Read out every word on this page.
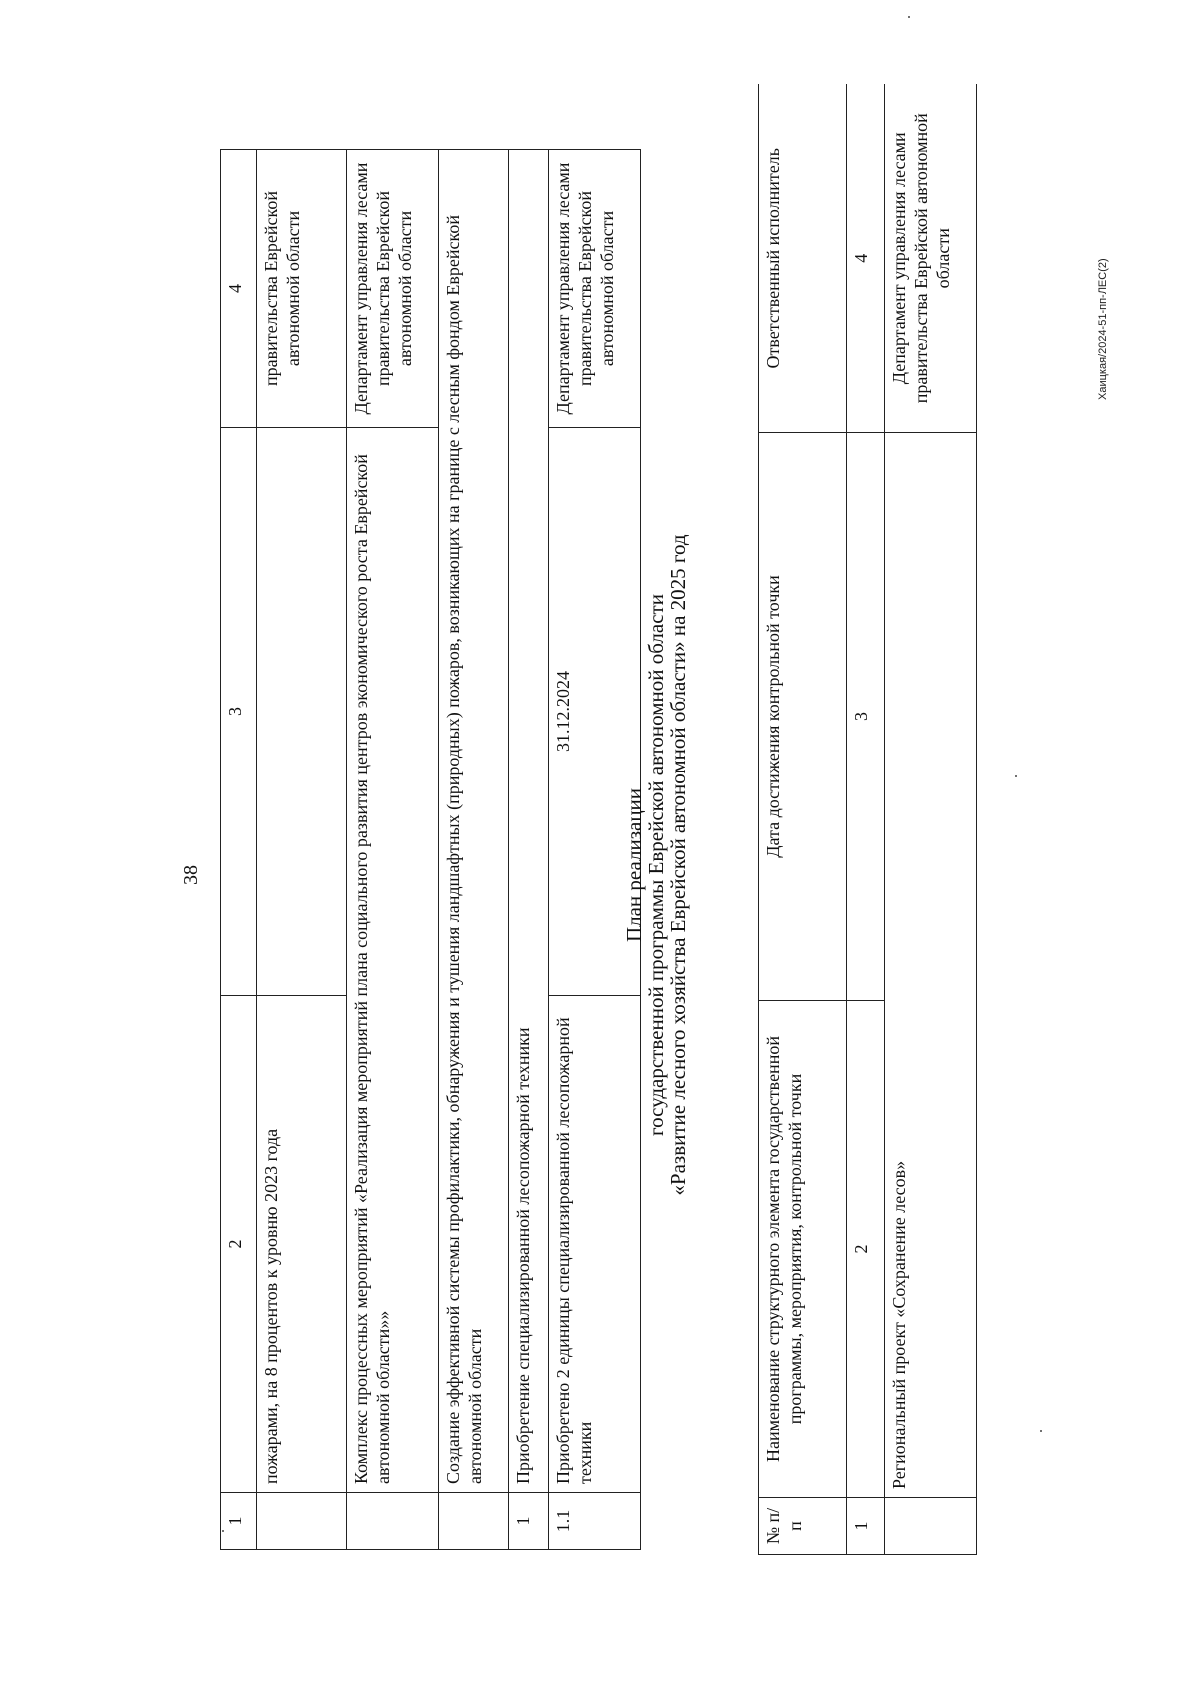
38
1	2	3	4
	пожарами, на 8 процентов к уровню 2023 года		правительства Еврейской автономной области
	Комплекс процессных мероприятий «Реализация мероприятий плана социального развития центров экономического роста Еврейской автономной области»»		Департамент управления лесами правительства Еврейской автономной области
	Создание эффективной системы профилактики, обнаружения и тушения ландшафтных (природных) пожаров, возникающих на границе с лесным фондом Еврейской автономной области		
1	Приобретение специализированной лесопожарной техники		
1.1	Приобретено 2 единицы специализированной лесопожарной техники	31.12.2024	Департамент управления лесами правительства Еврейской автономной области
План реализации
государственной программы Еврейской автономной области
«Развитие лесного хозяйства Еврейской автономной области» на 2025 год
№ п/п	Наименование структурного элемента государственной программы, мероприятия, контрольной точки	Дата достижения контрольной точки	Ответственный исполнитель
1	2	3	4
	Региональный проект «Сохранение лесов»		Департамент управления лесами правительства Еврейской автономной области
Хаицкая/2024-51-пп-ЛЕС(2)
